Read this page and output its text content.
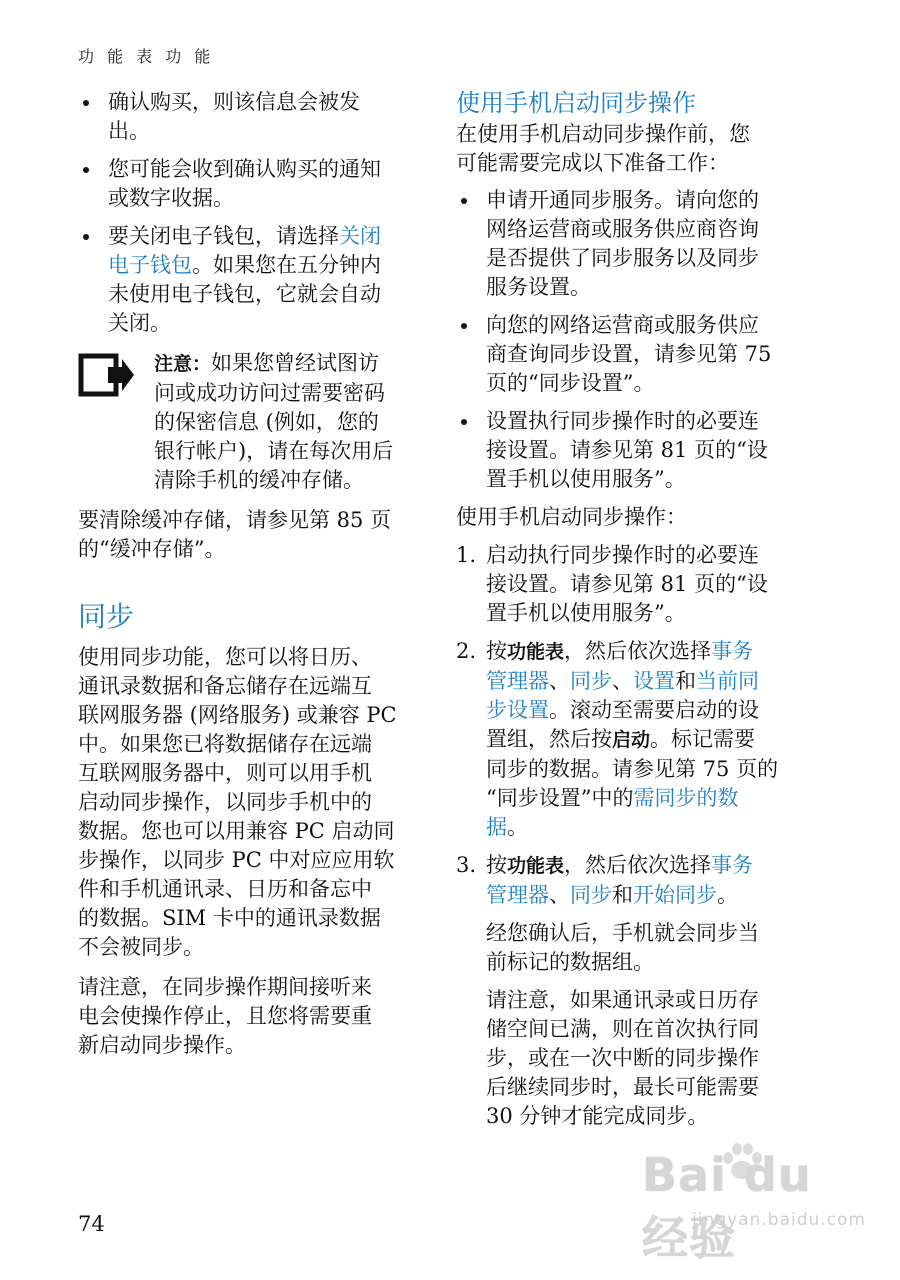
功 能 表 功 能
确认购买，则该信息会被发
出。
您可能会收到确认购买的通知
或数字收据。
要关闭电子钱包，请选择关闭
电子钱包。如果您在五分钟内
未使用电子钱包，它就会自动
关闭。

注意：如果您曾经试图访
问或成功访问过需要密码
的保密信息 (例如，您的
银行帐户)，请在每次用后
清除手机的缓冲存储。

要清除缓冲存储，请参见第 85 页
的“缓冲存储”。

同步

使用同步功能，您可以将日历、
通讯录数据和备忘储存在远端互
联网服务器 (网络服务) 或兼容 PC
中。如果您已将数据储存在远端
互联网服务器中，则可以用手机
启动同步操作，以同步手机中的
数据。您也可以用兼容 PC 启动同
步操作，以同步 PC 中对应应用软
件和手机通讯录、日历和备忘中
的数据。SIM 卡中的通讯录数据
不会被同步。

请注意，在同步操作期间接听来
电会使操作停止，且您将需要重
新启动同步操作。

使用手机启动同步操作

在使用手机启动同步操作前，您
可能需要完成以下准备工作：

申请开通同步服务。请向您的
网络运营商或服务供应商咨询
是否提供了同步服务以及同步
服务设置。
向您的网络运营商或服务供应
商查询同步设置，请参见第 75
页的“同步设置”。
设置执行同步操作时的必要连
接设置。请参见第 81 页的“设
置手机以使用服务”。

使用手机启动同步操作：

1. 启动执行同步操作时的必要连
接设置。请参见第 81 页的“设
置手机以使用服务”。
2. 按功能表，然后依次选择事务
管理器、同步、设置和当前同
步设置。滚动至需要启动的设
置组，然后按启动。标记需要
同步的数据。请参见第 75 页的
“同步设置”中的需同步的数
据。
3. 按功能表，然后依次选择事务
管理器、同步和开始同步。

经您确认后，手机就会同步当
前标记的数据组。

请注意，如果通讯录或日历存
储空间已满，则在首次执行同
步，或在一次中断的同步操作
后继续同步时，最长可能需要
30 分钟才能完成同步。

74
Bai du 经验
jingyan.baidu.com
